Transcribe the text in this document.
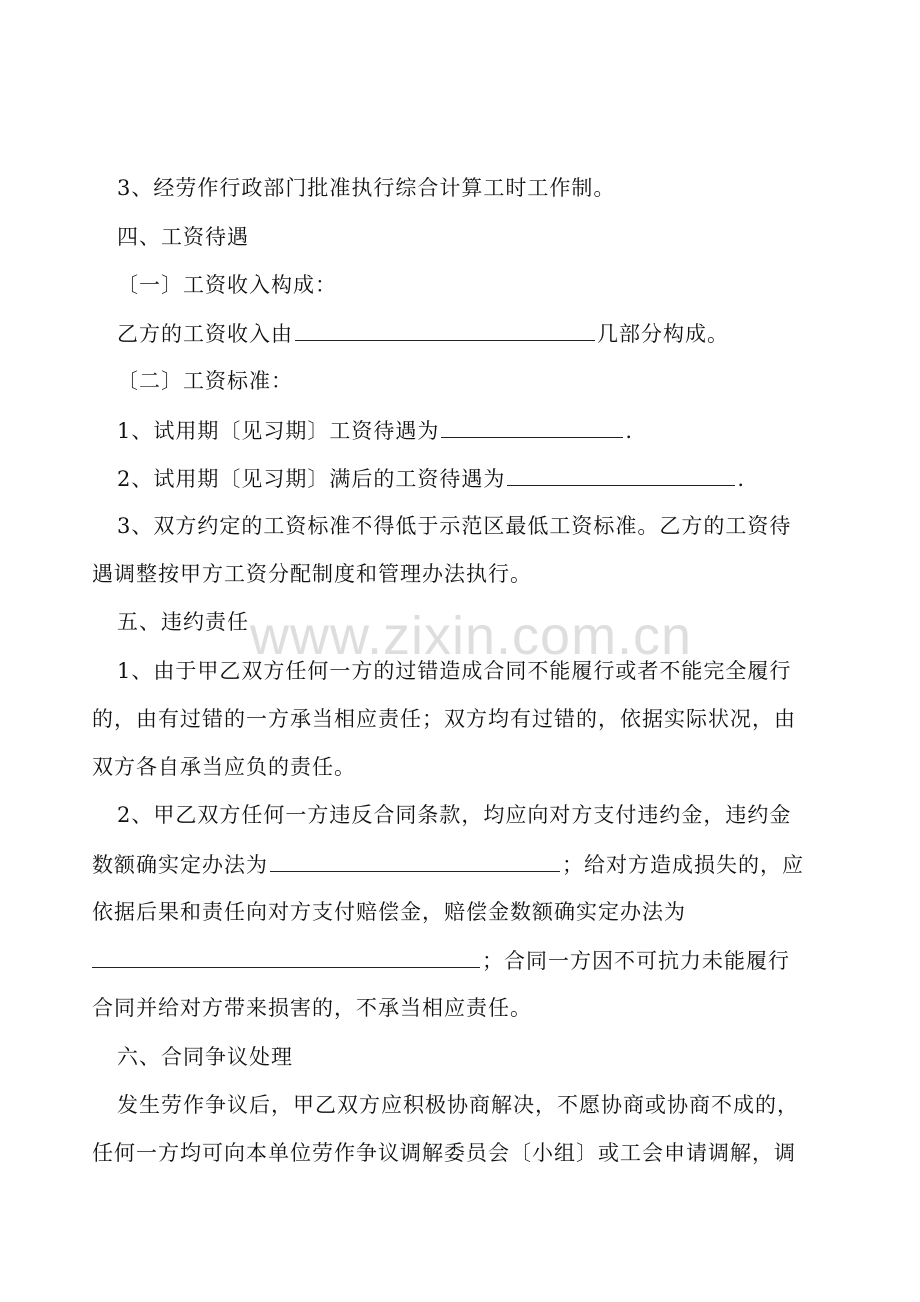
3、经劳作行政部门批准执行综合计算工时工作制。
四、工资待遇
〔一〕工资收入构成：
乙方的工资收入由	几部分构成。
〔二〕工资标准：
1、试用期〔见习期〕工资待遇为	.
2、试用期〔见习期〕满后的工资待遇为	.
3、双方约定的工资标准不得低于示范区最低工资标准。乙方的工资待
遇调整按甲方工资分配制度和管理办法执行。
五、违约责任
1、由于甲乙双方任何一方的过错造成合同不能履行或者不能完全履行
的，由有过错的一方承当相应责任；双方均有过错的，依据实际状况，由
双方各自承当应负的责任。
2、甲乙双方任何一方违反合同条款，均应向对方支付违约金，违约金
数额确实定办法为	；给对方造成损失的，应
依据后果和责任向对方支付赔偿金，赔偿金数额确实定办法为
；合同一方因不可抗力未能履行
合同并给对方带来损害的，不承当相应责任。
六、合同争议处理
发生劳作争议后，甲乙双方应积极协商解决，不愿协商或协商不成的，
任何一方均可向本单位劳作争议调解委员会〔小组〕或工会申请调解，调
www.zixin.com.cn
